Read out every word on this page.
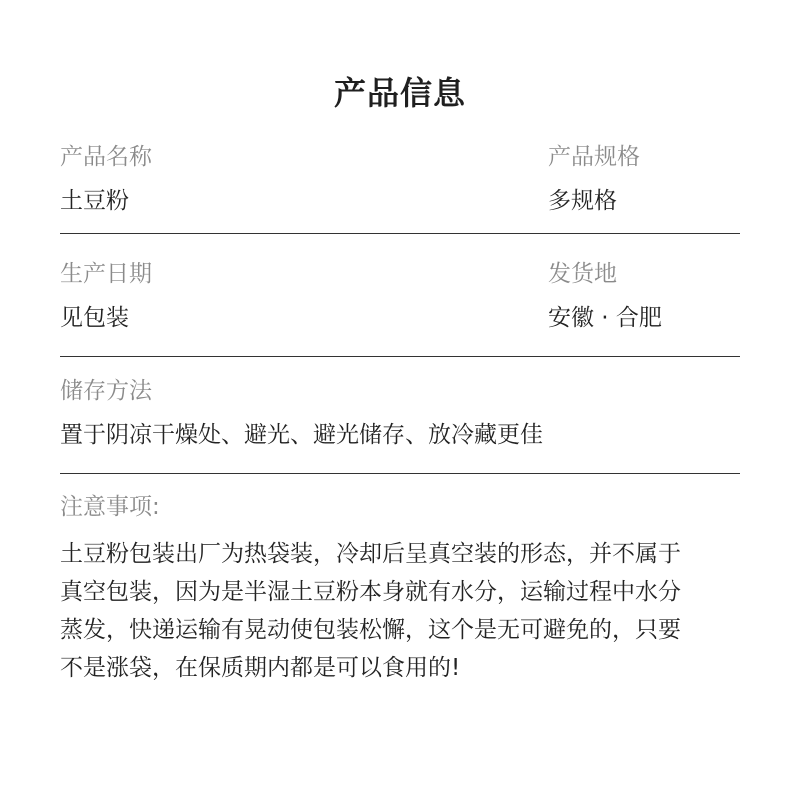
产品信息
产品名称
土豆粉
产品规格
多规格
生产日期
见包装
发货地
安徽 · 合肥
储存方法
置于阴凉干燥处、避光、避光储存、放冷藏更佳
注意事项:

土豆粉包装出厂为热袋装，冷却后呈真空装的形态，并不属于

真空包装，因为是半湿土豆粉本身就有水分，运输过程中水分

蒸发，快递运输有晃动使包装松懈，这个是无可避免的，只要

不是涨袋，在保质期内都是可以食用的!
